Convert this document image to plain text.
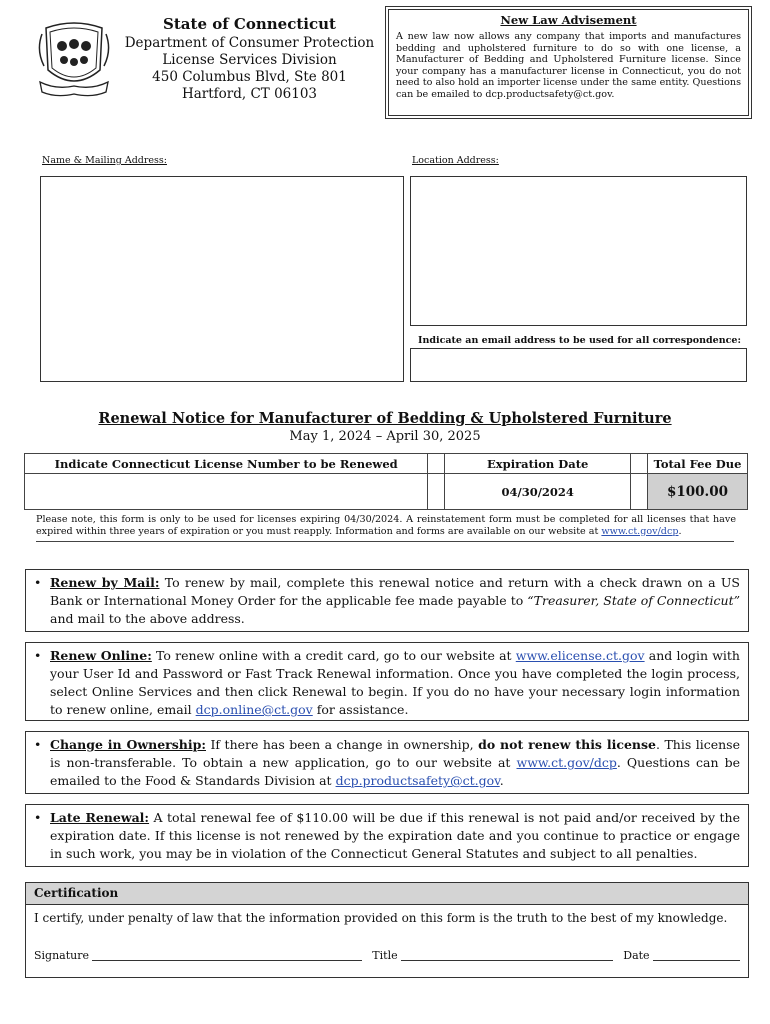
State of Connecticut
Department of Consumer Protection
License Services Division
450 Columbus Blvd, Ste 801
Hartford, CT 06103
New Law Advisement
A new law now allows any company that imports and manufactures bedding and upholstered furniture to do so with one license, a Manufacturer of Bedding and Upholstered Furniture license. Since your company has a manufacturer license in Connecticut, you do not need to also hold an importer license under the same entity. Questions can be emailed to dcp.productsafety@ct.gov.
Name & Mailing Address:	Location Address:
Indicate an email address to be used for all correspondence:
Renewal Notice for Manufacturer of Bedding & Upholstered Furniture
May 1, 2024 – April 30, 2025
Indicate Connecticut License Number to be Renewed		Expiration Date		Total Fee Due
		04/30/2024		$100.00
Please note, this form is only to be used for licenses expiring 04/30/2024. A reinstatement form must be completed for all licenses that have expired within three years of expiration or you must reapply. Information and forms are available on our website at www.ct.gov/dcp.
• Renew by Mail: To renew by mail, complete this renewal notice and return with a check drawn on a US Bank or International Money Order for the applicable fee made payable to “Treasurer, State of Connecticut” and mail to the above address.
• Renew Online: To renew online with a credit card, go to our website at www.elicense.ct.gov and login with your User Id and Password or Fast Track Renewal information. Once you have completed the login process, select Online Services and then click Renewal to begin. If you do no have your necessary login information to renew online, email dcp.online@ct.gov for assistance.
• Change in Ownership: If there has been a change in ownership, do not renew this license. This license is non-transferable. To obtain a new application, go to our website at www.ct.gov/dcp. Questions can be emailed to the Food & Standards Division at dcp.productsafety@ct.gov.
• Late Renewal: A total renewal fee of $110.00 will be due if this renewal is not paid and/or received by the expiration date. If this license is not renewed by the expiration date and you continue to practice or engage in such work, you may be in violation of the Connecticut General Statutes and subject to all penalties.
Certification
I certify, under penalty of law that the information provided on this form is the truth to the best of my knowledge.
Signature	Title	Date
